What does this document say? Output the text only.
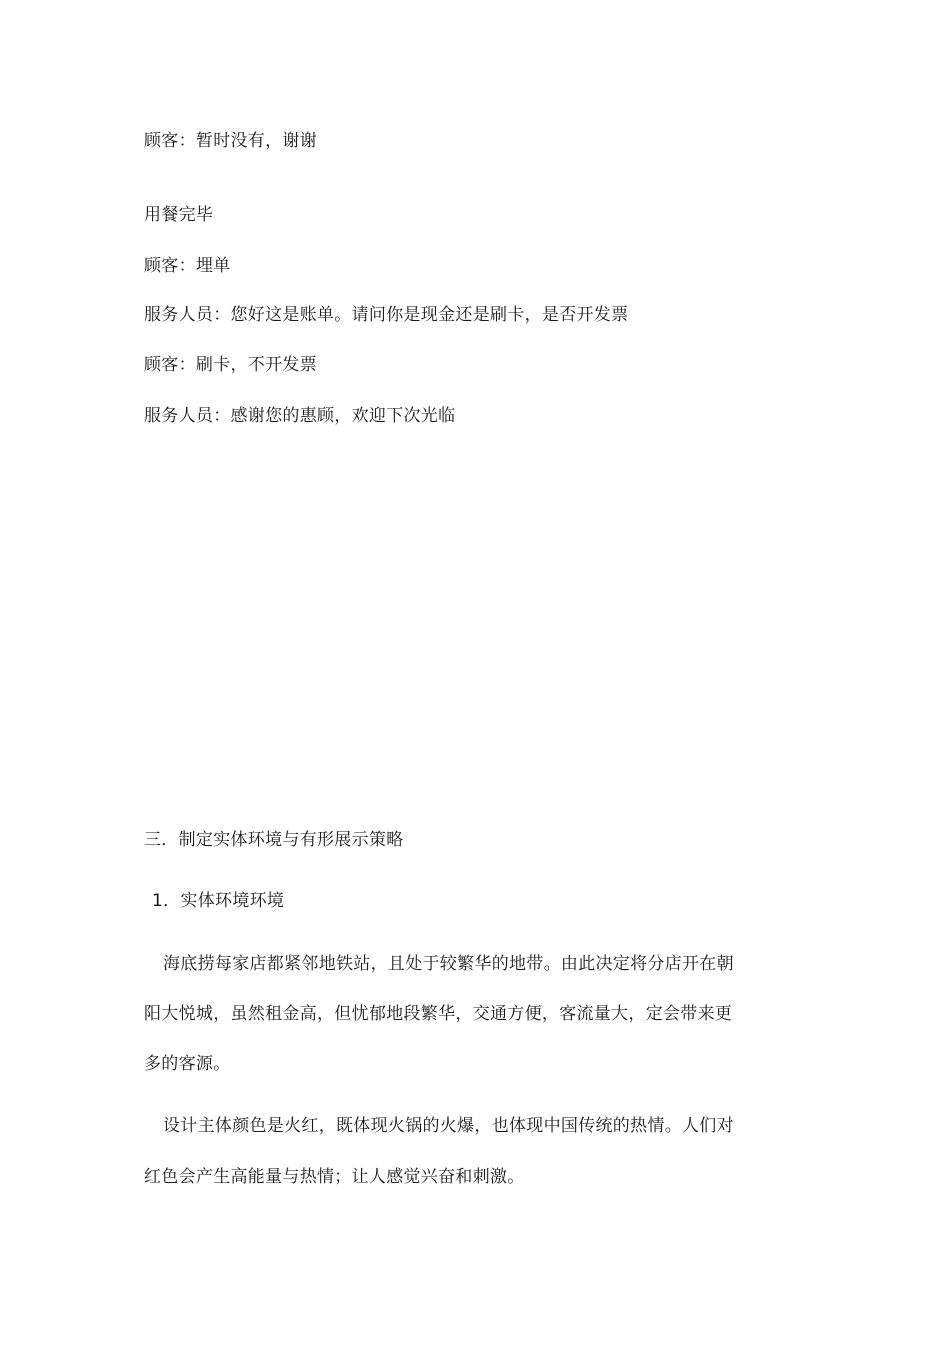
顾客：暂时没有，谢谢
用餐完毕
顾客：埋单
服务人员：您好这是账单。请问你是现金还是刷卡，是否开发票
顾客：刷卡，不开发票
服务人员：感谢您的惠顾，欢迎下次光临
三．制定实体环境与有形展示策略
1．实体环境环境
海底捞每家店都紧邻地铁站，且处于较繁华的地带。由此决定将分店开在朝
阳大悦城，虽然租金高，但忧郁地段繁华，交通方便，客流量大，定会带来更
多的客源。
设计主体颜色是火红，既体现火锅的火爆，也体现中国传统的热情。人们对
红色会产生高能量与热情；让人感觉兴奋和刺激。
